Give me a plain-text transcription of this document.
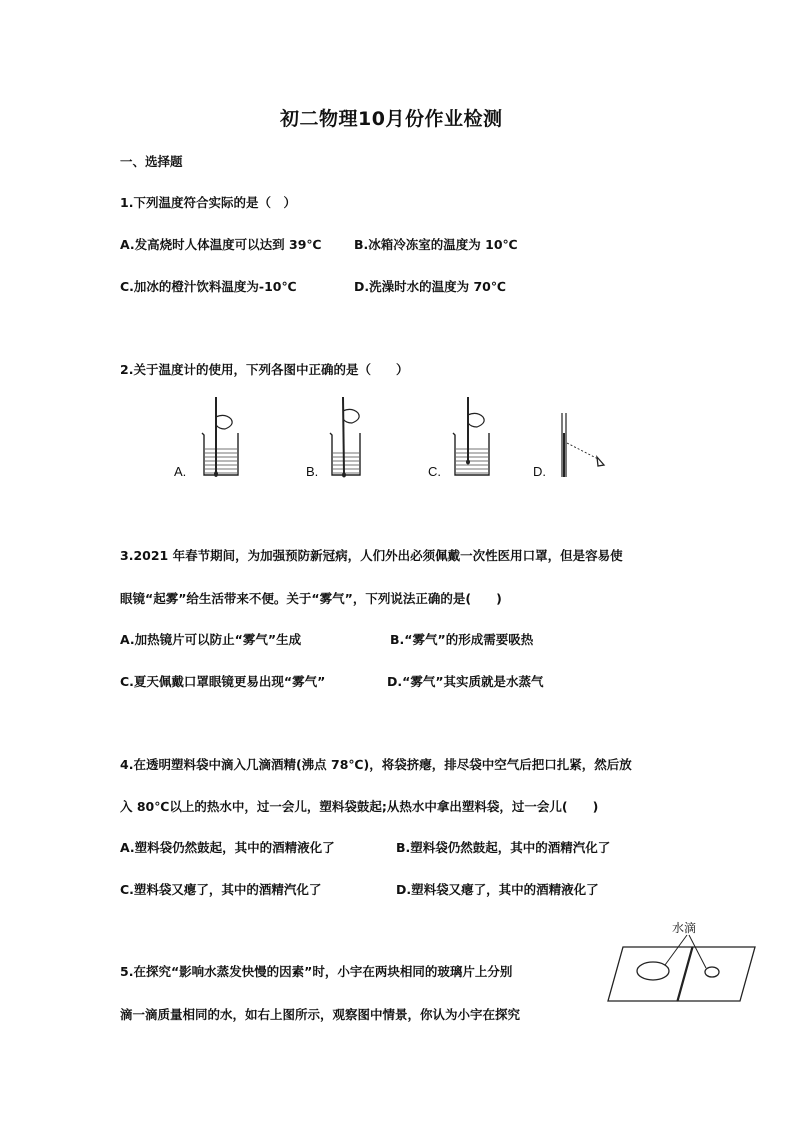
初二物理10月份作业检测
一、选择题
1.下列温度符合实际的是（　）
A.发高烧时人体温度可以达到 39℃	B.冰箱冷冻室的温度为 10℃
C.加冰的橙汁饮料温度为-10℃	D.洗澡时水的温度为 70℃
2.关于温度计的使用，下列各图中正确的是（　　）
A.	B.	C.	D.
3.2021 年春节期间，为加强预防新冠病，人们外出必须佩戴一次性医用口罩，但是容易使
眼镜“起雾”给生活带来不便。关于“雾气”，下列说法正确的是(　　)
A.加热镜片可以防止“雾气”生成	B.“雾气”的形成需要吸热
C.夏天佩戴口罩眼镜更易出现“雾气”	D.“雾气”其实质就是水蒸气
4.在透明塑料袋中滴入几滴酒精(沸点 78℃)，将袋挤瘪，排尽袋中空气后把口扎紧，然后放
入 80℃以上的热水中，过一会儿，塑料袋鼓起;从热水中拿出塑料袋，过一会儿(　　)
A.塑料袋仍然鼓起，其中的酒精液化了	B.塑料袋仍然鼓起，其中的酒精汽化了
C.塑料袋又瘪了，其中的酒精汽化了	D.塑料袋又瘪了，其中的酒精液化了
5.在探究“影响水蒸发快慢的因素”时，小宇在两块相同的玻璃片上分别
滴一滴质量相同的水，如右上图所示，观察图中情景，你认为小宇在探究
水滴
